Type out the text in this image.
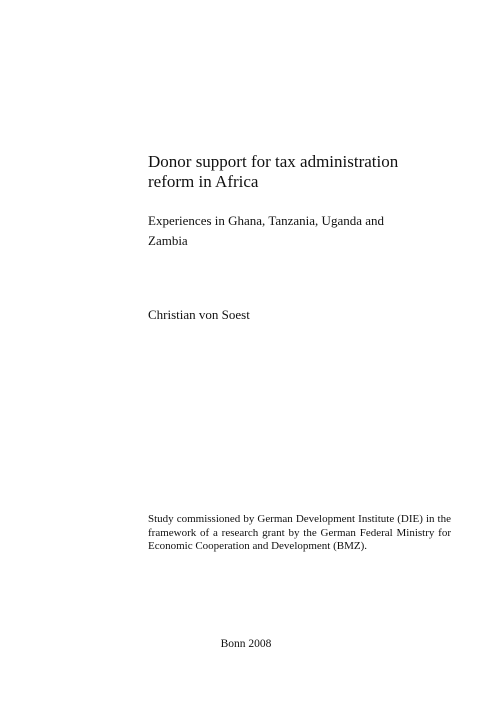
Donor support for tax administration reform in Africa

Experiences in Ghana, Tanzania, Uganda and Zambia

Christian von Soest

Study commissioned by German Development Institute (DIE) in the framework of a research grant by the German Federal Ministry for Economic Cooperation and Development (BMZ).

Bonn 2008
